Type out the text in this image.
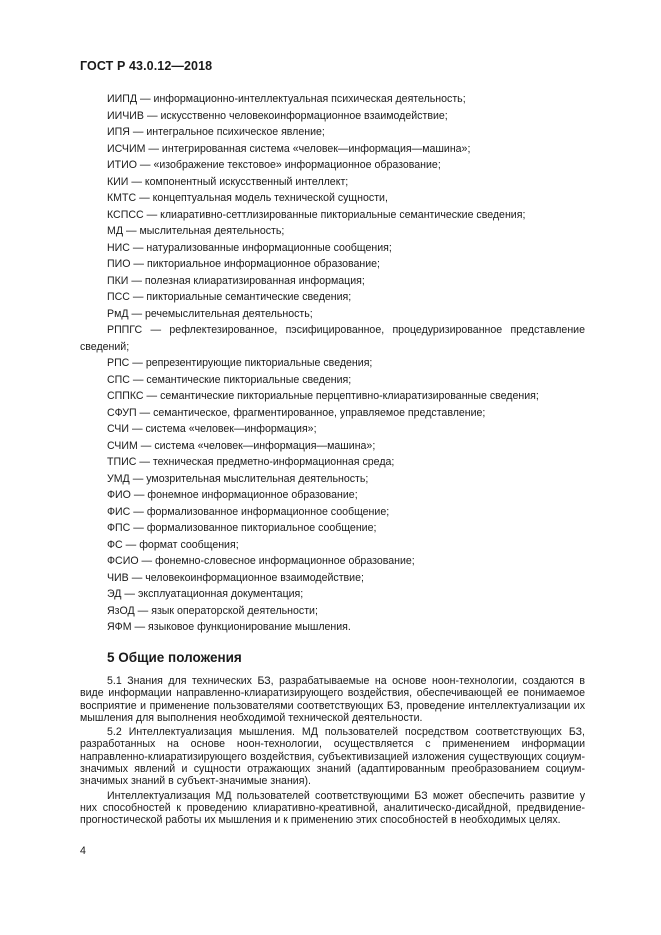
ГОСТ Р 43.0.12—2018
ИИПД — информационно-интеллектуальная психическая деятельность;
ИИЧИВ — искусственно человекоинформационное взаимодействие;
ИПЯ — интегральное психическое явление;
ИСЧИМ — интегрированная система «человек—информация—машина»;
ИТИО — «изображение текстовое» информационное образование;
КИИ — компонентный искусственный интеллект;
КМТС — концептуальная модель технической сущности,
КСПСС — клиаративно-сеттлизированные пикториальные семантические сведения;
МД — мыслительная деятельность;
НИС — натурализованные информационные сообщения;
ПИО — пикториальное информационное образование;
ПКИ — полезная клиаратизированная информация;
ПСС — пикториальные семантические сведения;
РмД — речемыслительная деятельность;
РППГС — рефлектезированное, пэсифицированное, процедуризированное представление сведений;
РПС — репрезентирующие пикториальные сведения;
СПС — семантические пикториальные сведения;
СППКС — семантические пикториальные перцептивно-клиаратизированные сведения;
СФУП — семантическое, фрагментированное, управляемое представление;
СЧИ — система «человек—информация»;
СЧИМ — система «человек—информация—машина»;
ТПИС — техническая предметно-информационная среда;
УМД — умозрительная мыслительная деятельность;
ФИО — фонемное информационное образование;
ФИС — формализованное информационное сообщение;
ФПС — формализованное пикториальное сообщение;
ФС — формат сообщения;
ФСИО — фонемно-словесное информационное образование;
ЧИВ — человекоинформационное взаимодействие;
ЭД — эксплуатационная документация;
ЯзОД — язык операторской деятельности;
ЯФМ — языковое функционирование мышления.
5 Общие положения

5.1 Знания для технических БЗ, разрабатываемые на основе ноон-технологии, создаются в виде информации направленно-клиаратизирующего воздействия, обеспечивающей ее понимаемое восприятие и применение пользователями соответствующих БЗ, проведение интеллектуализации их мышления для выполнения необходимой технической деятельности.

5.2 Интеллектуализация мышления. МД пользователей посредством соответствующих БЗ, разработанных на основе ноон-технологии, осуществляется с применением информации направленно-клиаратизирующего воздействия, субъективизацией изложения существующих социум-значимых явлений и сущности отражающих знаний (адаптированным преобразованием социум-значимых знаний в субъект-значимые знания).

Интеллектуализация МД пользователей соответствующими БЗ может обеспечить развитие у них способностей к проведению клиаративно-креативной, аналитическо-дисайдной, предвидение-прогностической работы их мышления и к применению этих способностей в необходимых целях.

4
